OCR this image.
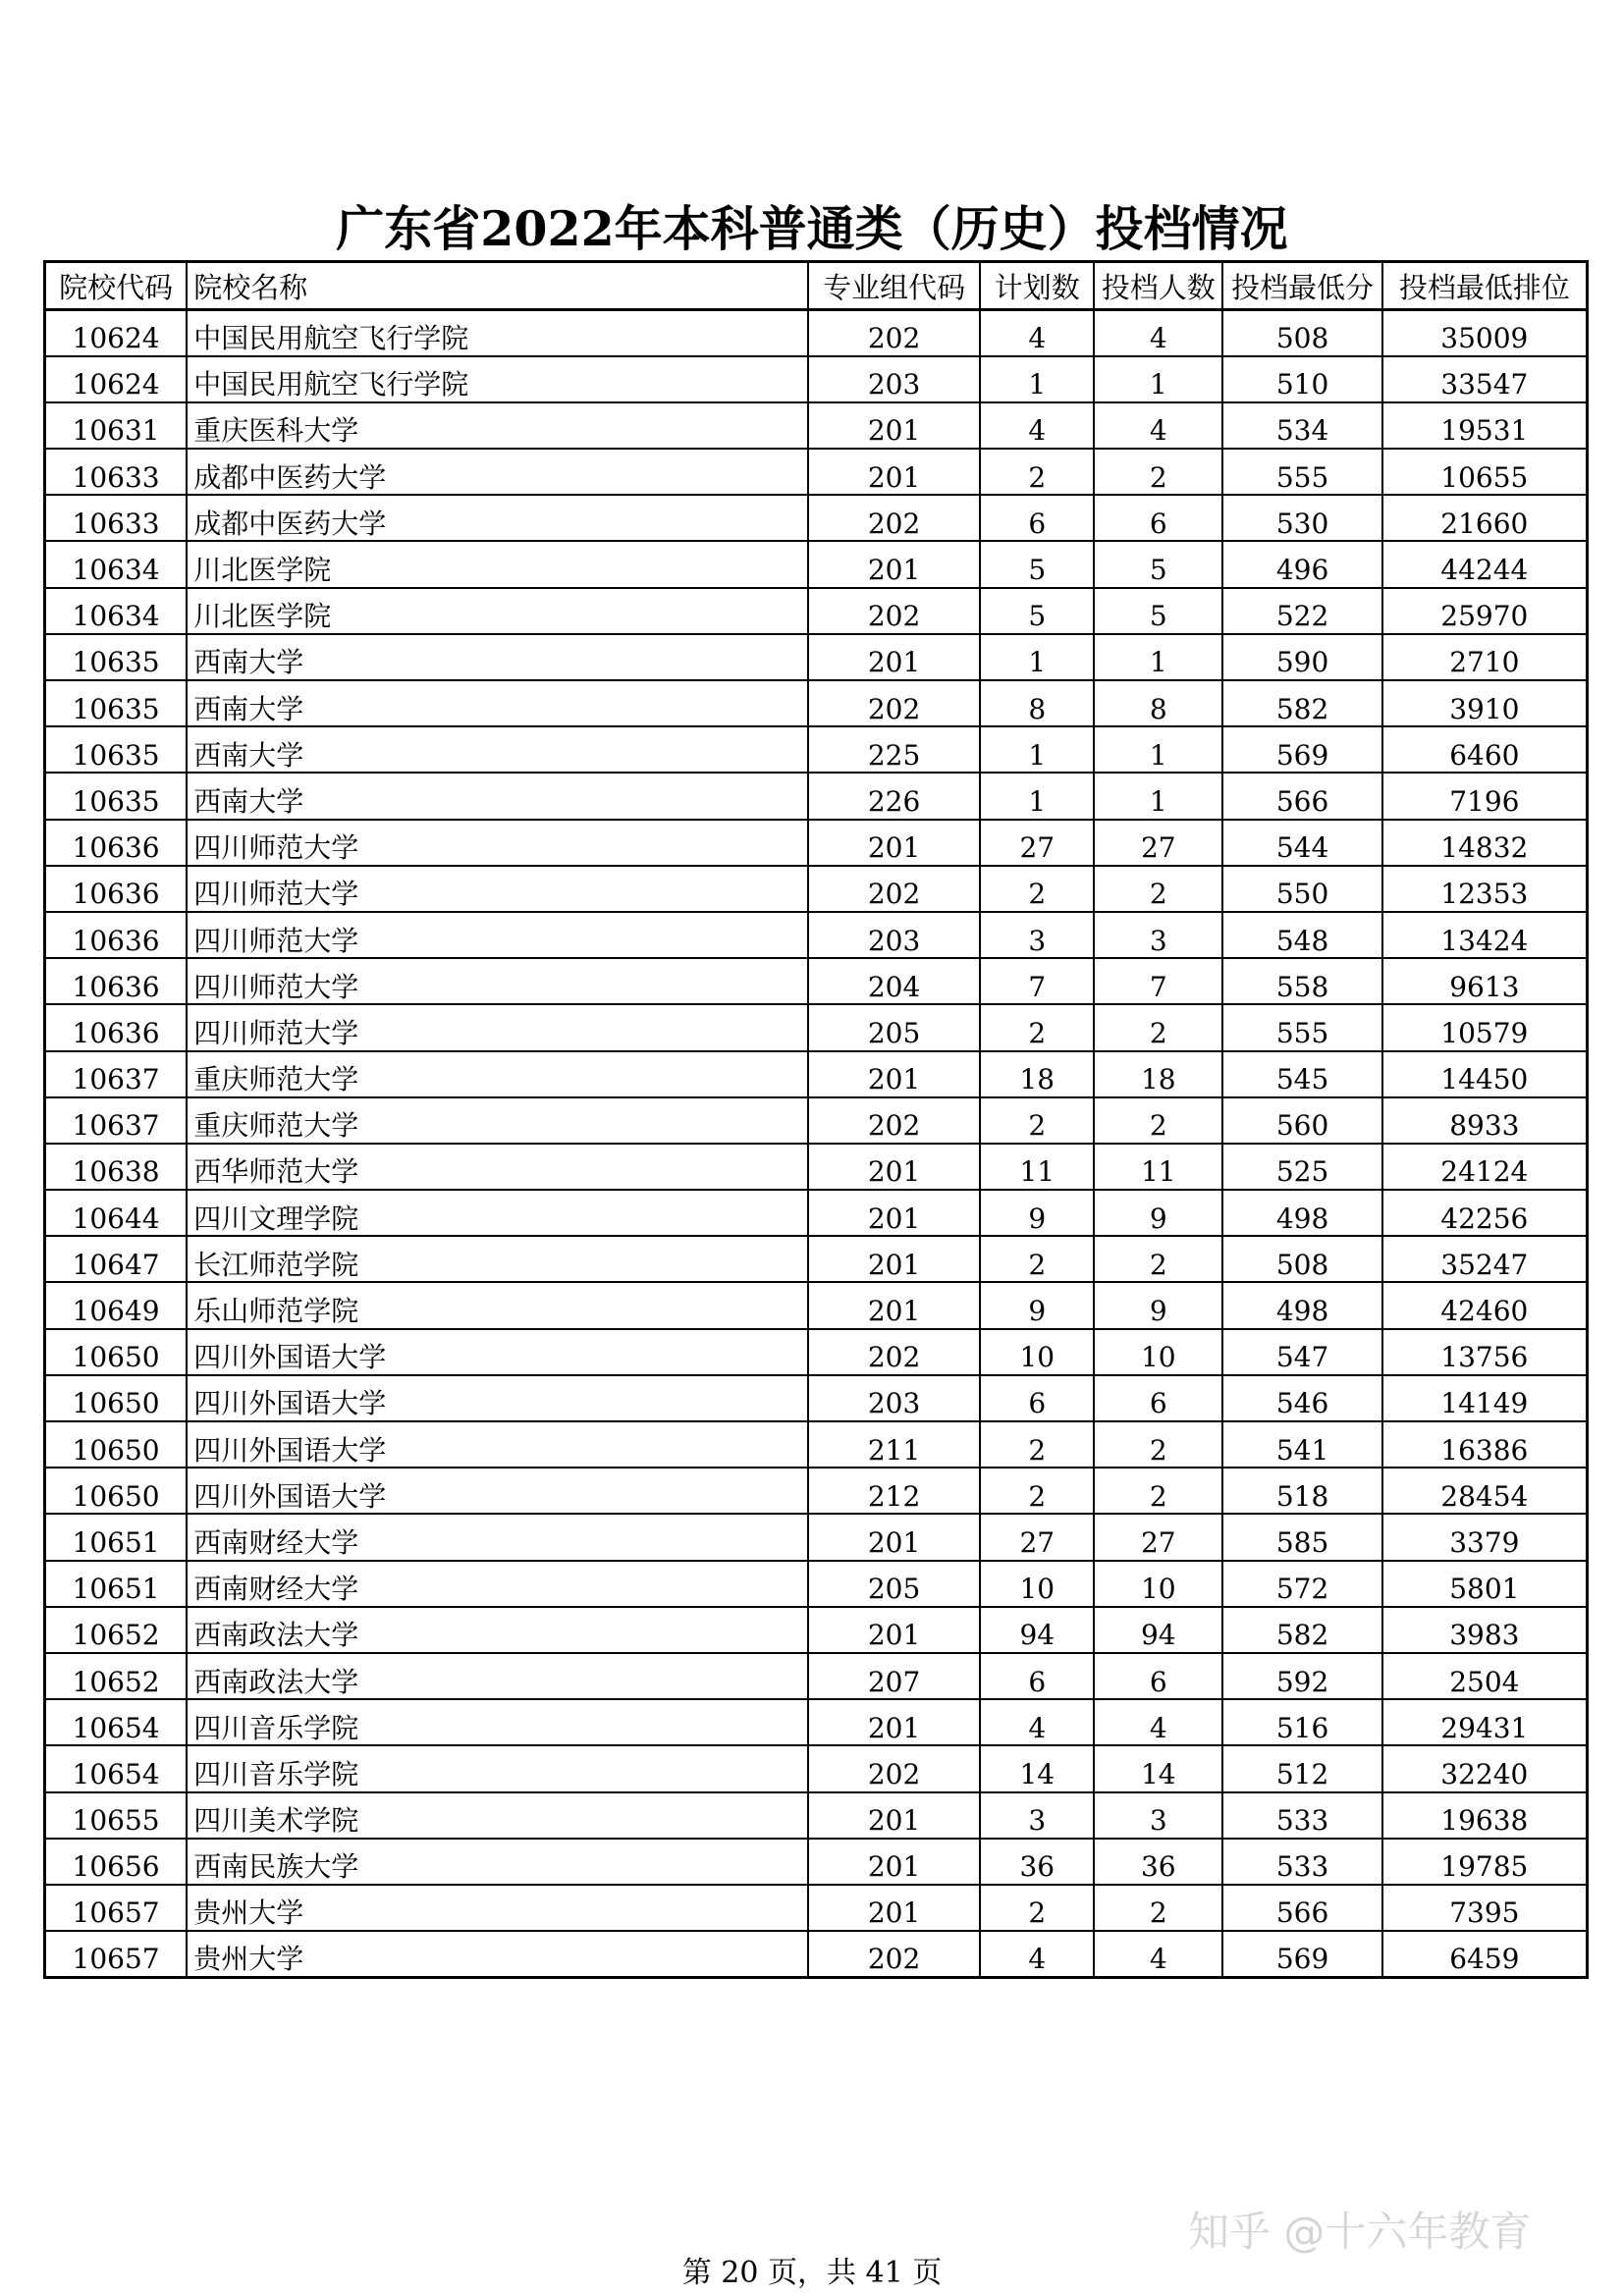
广东省2022年本科普通类（历史）投档情况
院校代码	院校名称	专业组代码	计划数	投档人数	投档最低分	投档最低排位
10624	中国民用航空飞行学院	202	4	4	508	35009
10624	中国民用航空飞行学院	203	1	1	510	33547
10631	重庆医科大学	201	4	4	534	19531
10633	成都中医药大学	201	2	2	555	10655
10633	成都中医药大学	202	6	6	530	21660
10634	川北医学院	201	5	5	496	44244
10634	川北医学院	202	5	5	522	25970
10635	西南大学	201	1	1	590	2710
10635	西南大学	202	8	8	582	3910
10635	西南大学	225	1	1	569	6460
10635	西南大学	226	1	1	566	7196
10636	四川师范大学	201	27	27	544	14832
10636	四川师范大学	202	2	2	550	12353
10636	四川师范大学	203	3	3	548	13424
10636	四川师范大学	204	7	7	558	9613
10636	四川师范大学	205	2	2	555	10579
10637	重庆师范大学	201	18	18	545	14450
10637	重庆师范大学	202	2	2	560	8933
10638	西华师范大学	201	11	11	525	24124
10644	四川文理学院	201	9	9	498	42256
10647	长江师范学院	201	2	2	508	35247
10649	乐山师范学院	201	9	9	498	42460
10650	四川外国语大学	202	10	10	547	13756
10650	四川外国语大学	203	6	6	546	14149
10650	四川外国语大学	211	2	2	541	16386
10650	四川外国语大学	212	2	2	518	28454
10651	西南财经大学	201	27	27	585	3379
10651	西南财经大学	205	10	10	572	5801
10652	西南政法大学	201	94	94	582	3983
10652	西南政法大学	207	6	6	592	2504
10654	四川音乐学院	201	4	4	516	29431
10654	四川音乐学院	202	14	14	512	32240
10655	四川美术学院	201	3	3	533	19638
10656	西南民族大学	201	36	36	533	19785
10657	贵州大学	201	2	2	566	7395
10657	贵州大学	202	4	4	569	6459
知乎 @十六年教育
第 20 页，共 41 页
